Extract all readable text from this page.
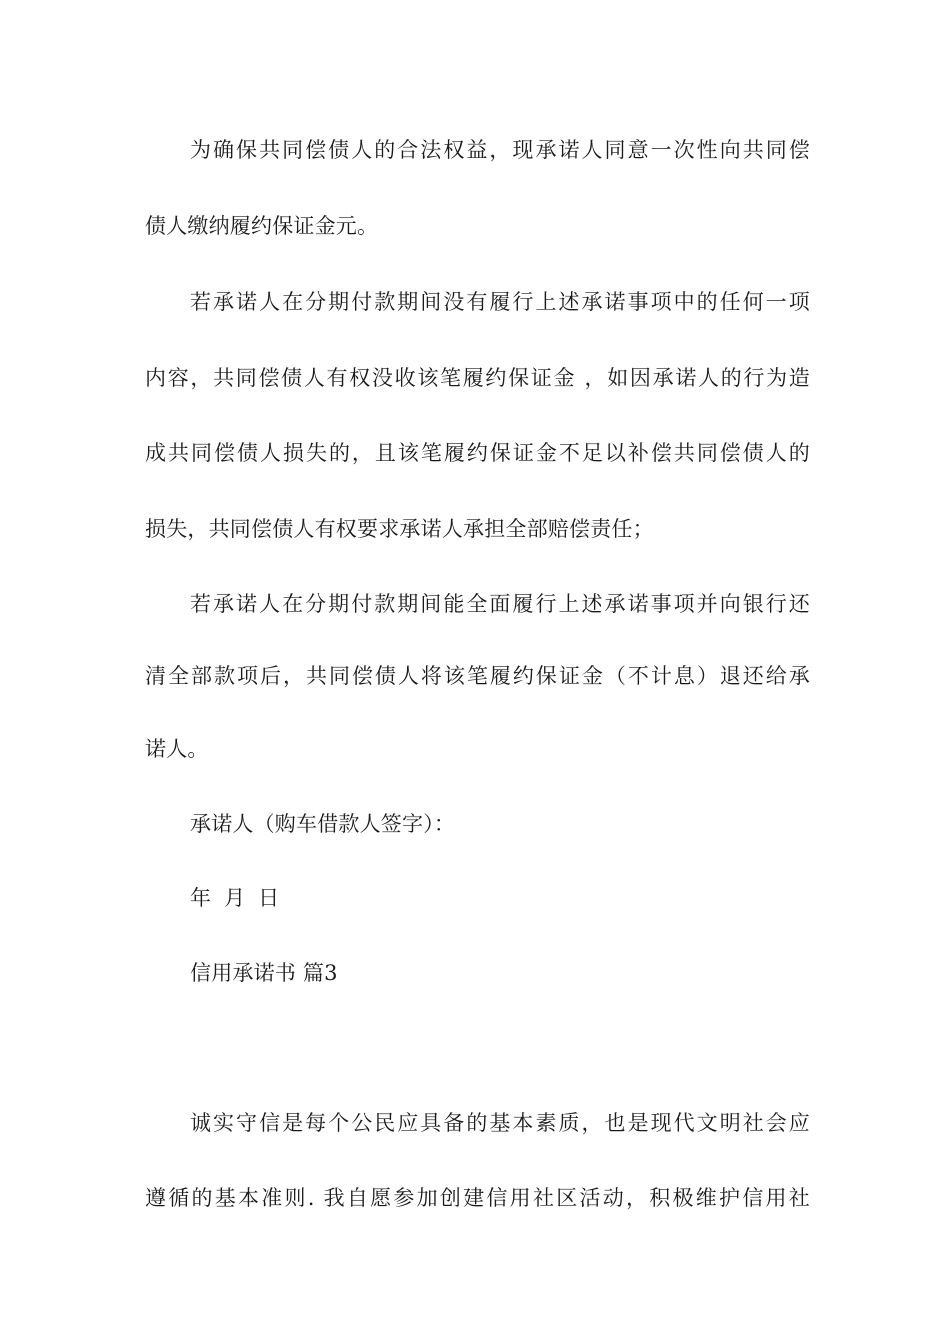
为确保共同偿债人的合法权益，现承诺人同意一次性向共同偿
债人缴纳履约保证金元。
若承诺人在分期付款期间没有履行上述承诺事项中的任何一项
内容，共同偿债人有权没收该笔履约保证金 ，如因承诺人的行为造
成共同偿债人损失的，且该笔履约保证金不足以补偿共同偿债人的
损失，共同偿债人有权要求承诺人承担全部赔偿责任；
若承诺人在分期付款期间能全面履行上述承诺事项并向银行还
清全部款项后，共同偿债人将该笔履约保证金（不计息）退还给承
诺人。
承诺人（购车借款人签字）：
年 月 日
信用承诺书 篇3
诚实守信是每个公民应具备的基本素质，也是现代文明社会应
遵循的基本准则. 我自愿参加创建信用社区活动，积极维护信用社
